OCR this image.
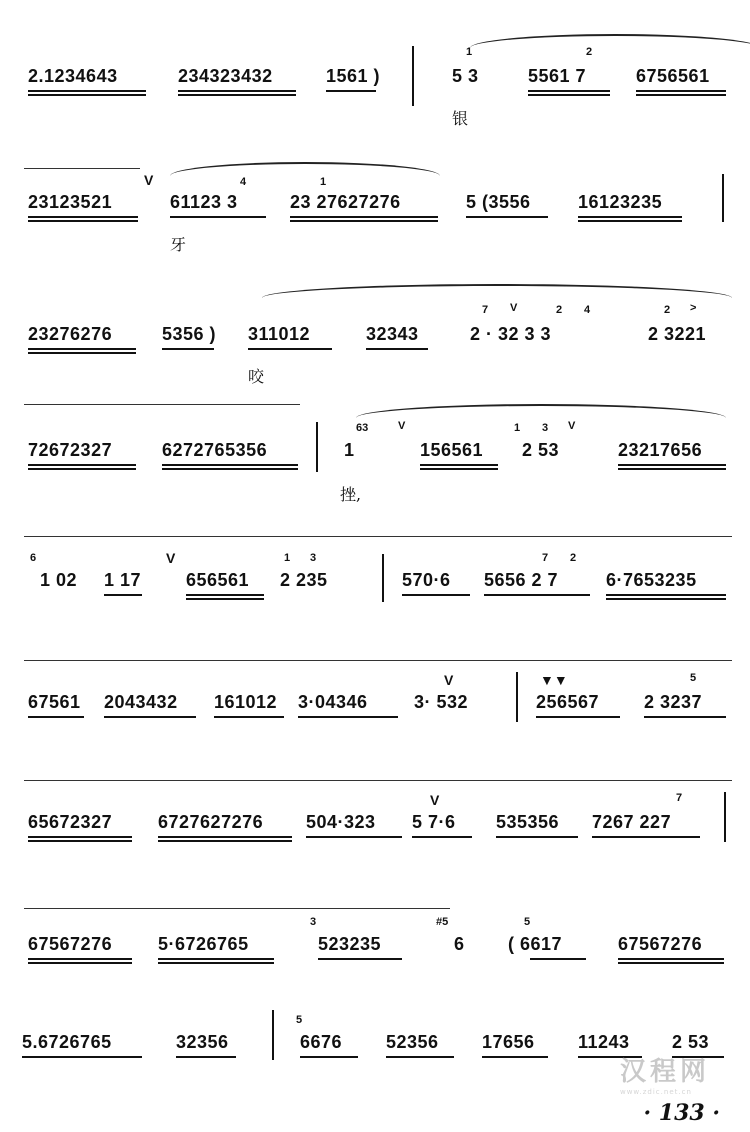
2.1234643	234323432	1561 )
1
5 3
2
5561 7	6756561
银
V
23123521
4
61123 3
1
23 27627276	5 (3556	16123235
牙
23276276	5356 ) 311012	32343
7 V	2 4
2 · 32 3 3
2 >
2 3221
咬
72672327	6272765356
63	V
1	156561
1 3 V
2 53	23217656
挫,
6	V
1 02 1 17 656561
1 3
2 235	570·6
7 2
5656 2 7	6·7653235
67561 2043432 161012 3·04346
V
3· 532
▼▼
256567
5
2 3237
65672327	6727627276 504·323
V
5 7·6 535356
7
7267 227
67567276	5·6726765
3
523235
#5
6
5
( 6617	67567276
5.6726765	32356
5
6676 52356 17656 11243 2 53
汉程网
www.zdic.net.cn
· 133 ·
